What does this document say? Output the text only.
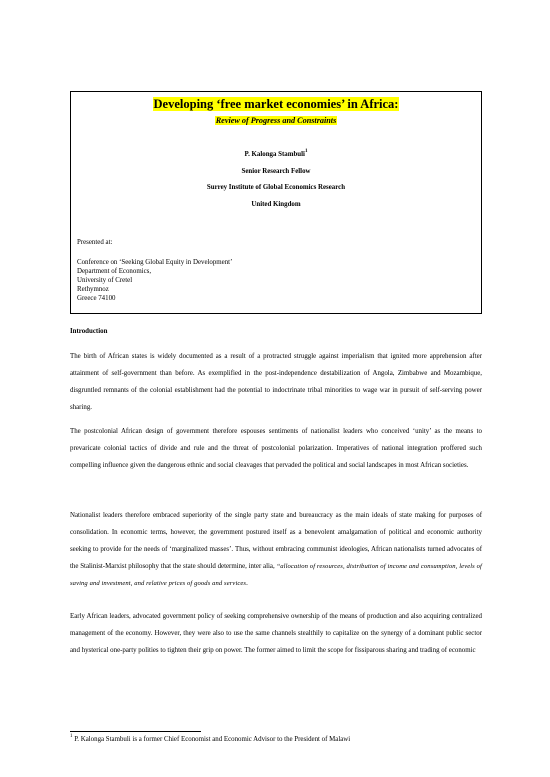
Developing ‘free market economies’ in Africa:
Review of Progress and Constraints
P. Kalonga Stambuli$^1$
Senior Research Fellow
Surrey Institute of Global Economics Research
United Kingdom
Presented at:
Conference on ‘Seeking Global Equity in Development’
Department of Economics,
University of Cretel
Rethymnoz
Greece 74100
Introduction
The birth of African states is widely documented as a result of a protracted struggle against imperialism that ignited more apprehension after attainment of self-government than before. As exemplified in the post-independence destabilization of Angola, Zimbabwe and Mozambique, disgruntled remnants of the colonial establishment had the potential to indoctrinate tribal minorities to wage war in pursuit of self-serving power sharing.
The postcolonial African design of government therefore espouses sentiments of nationalist leaders who conceived ‘unity’ as the means to prevaricate colonial tactics of divide and rule and the threat of postcolonial polarization. Imperatives of national integration proffered such compelling influence given the dangerous ethnic and social cleavages that pervaded the political and social landscapes in most African societies.
Nationalist leaders therefore embraced superiority of the single party state and bureaucracy as the main ideals of state making for purposes of consolidation. In economic terms, however, the government postured itself as a benevolent amalgamation of political and economic authority seeking to provide for the needs of ‘marginalized masses’. Thus, without embracing communist ideologies, African nationalists turned advocates of the Stalinist-Marxist philosophy that the state should determine, inter alia, “allocation of resources, distribution of income and consumption, levels of saving and investment, and relative prices of goods and services.
Early African leaders, advocated government policy of seeking comprehensive ownership of the means of production and also acquiring centralized management of the economy. However, they were also to use the same channels stealthily to capitalize on the synergy of a dominant public sector and hysterical one-party polities to tighten their grip on power. The former aimed to limit the scope for fissiparous sharing and trading of economic
$^1$ P. Kalonga Stambuli is a former Chief Economist and Economic Advisor to the President of Malawi
